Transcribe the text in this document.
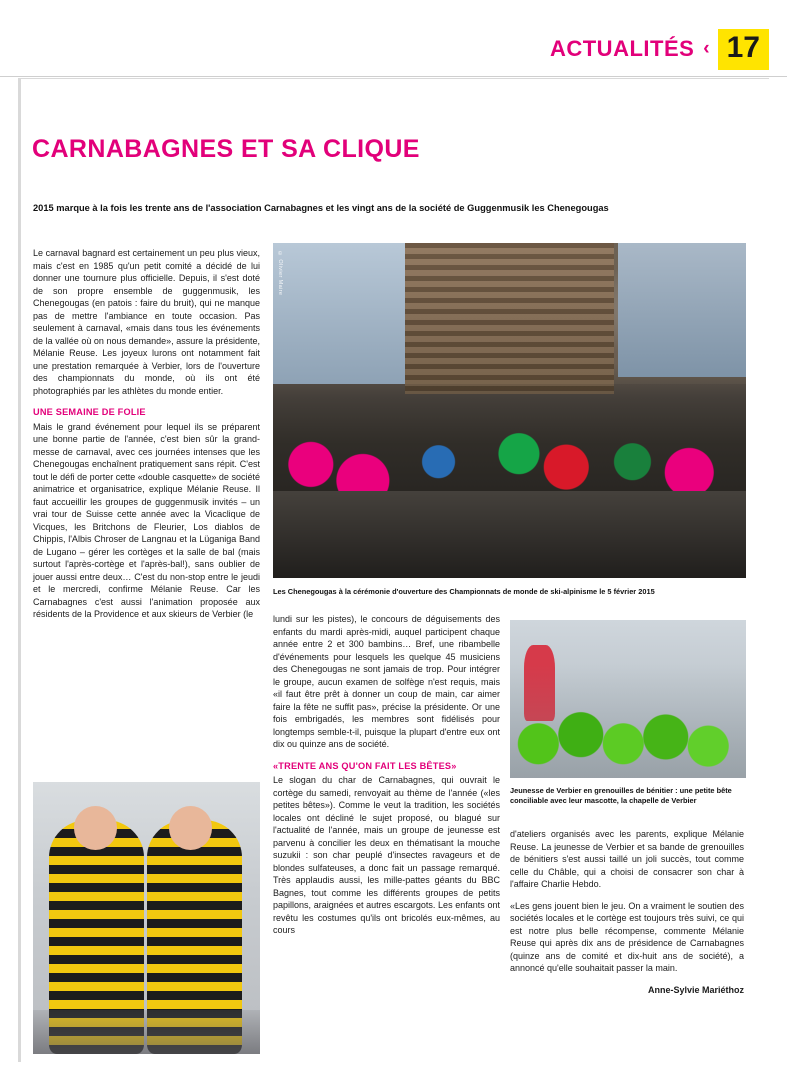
ACTUALITÉS ‹ 17
CARNABAGNES ET SA CLIQUE
2015 marque à la fois les trente ans de l'association Carnabagnes et les vingt ans de la société de Guggenmusik les Chenegougas
© Olivier Maire
Les Chenegougas à la cérémonie d'ouverture des Championnats de monde de ski-alpinisme le 5 février 2015
Jeunesse de Verbier en grenouilles de bénitier : une petite bête conciliable avec leur mascotte, la chapelle de Verbier

Le carnaval bagnard est certainement un peu plus vieux, mais c'est en 1985 qu'un petit comité a décidé de lui donner une tournure plus officielle. Depuis, il s'est doté de son propre ensemble de guggenmusik, les Chenegougas (en patois : faire du bruit), qui ne manque pas de mettre l'ambiance en toute occasion. Pas seulement à carnaval, «mais dans tous les événements de la vallée où on nous demande», assure la présidente, Mélanie Reuse. Les joyeux lurons ont notamment fait une prestation remarquée à Verbier, lors de l'ouverture des championnats du monde, où ils ont été photographiés par les athlètes du monde entier.

UNE SEMAINE DE FOLIE

Mais le grand événement pour lequel ils se préparent une bonne partie de l'année, c'est bien sûr la grand-messe de carnaval, avec ces journées intenses que les Chenegougas enchaînent pratiquement sans répit. C'est tout le défi de porter cette «double casquette» de société animatrice et organisatrice, explique Mélanie Reuse. Il faut accueillir les groupes de guggenmusik invités – un vrai tour de Suisse cette année avec la Vicaclique de Vicques, les Britchons de Fleurier, Los diablos de Chippis, l'Albis Chroser de Langnau et la Lüganiga Band de Lugano – gérer les cortèges et la salle de bal (mais surtout l'après-cortège et l'après-bal!), sans oublier de jouer aussi entre deux… C'est du non-stop entre le jeudi et le mercredi, confirme Mélanie Reuse. Car les Carnabagnes c'est aussi l'animation proposée aux résidents de la Providence et aux skieurs de Verbier (le	lundi sur les pistes), le concours de déguisements des enfants du mardi après-midi, auquel participent chaque année entre 2 et 300 bambins… Bref, une ribambelle d'événements pour lesquels les quelque 45 musiciens des Chenegougas ne sont jamais de trop. Pour intégrer le groupe, aucun examen de solfège n'est requis, mais «il faut être prêt à donner un coup de main, car aimer faire la fête ne suffit pas», précise la présidente. Or une fois embrigadés, les membres sont fidélisés pour longtemps semble-t-il, puisque la plupart d'entre eux ont dix ou quinze ans de société.

«TRENTE ANS QU'ON FAIT LES BÊTES»

Le slogan du char de Carnabagnes, qui ouvrait le cortège du samedi, renvoyait au thème de l'année («les petites bêtes»). Comme le veut la tradition, les sociétés locales ont décliné le sujet proposé, ou blagué sur l'actualité de l'année, mais un groupe de jeunesse est parvenu à concilier les deux en thématisant la mouche suzukii : son char peuplé d'insectes ravageurs et de blondes sulfateuses, a donc fait un passage remarqué. Très applaudis aussi, les mille-pattes géants du BBC Bagnes, tout comme les différents groupes de petits papillons, araignées et autres escargots. Les enfants ont revêtu les costumes qu'ils ont bricolés eux-mêmes, au cours

d'ateliers organisés avec les parents, explique Mélanie Reuse. La jeunesse de Verbier et sa bande de grenouilles de bénitiers s'est aussi taillé un joli succès, tout comme celle du Châble, qui a choisi de consacrer son char à l'affaire Charlie Hebdo.

«Les gens jouent bien le jeu. On a vraiment le soutien des sociétés locales et le cortège est toujours très suivi, ce qui est notre plus belle récompense, commente Mélanie Reuse qui après dix ans de présidence de Carnabagnes (quinze ans de comité et dix-huit ans de société), a annoncé qu'elle souhaitait passer la main.

Anne-Sylvie Mariéthoz
